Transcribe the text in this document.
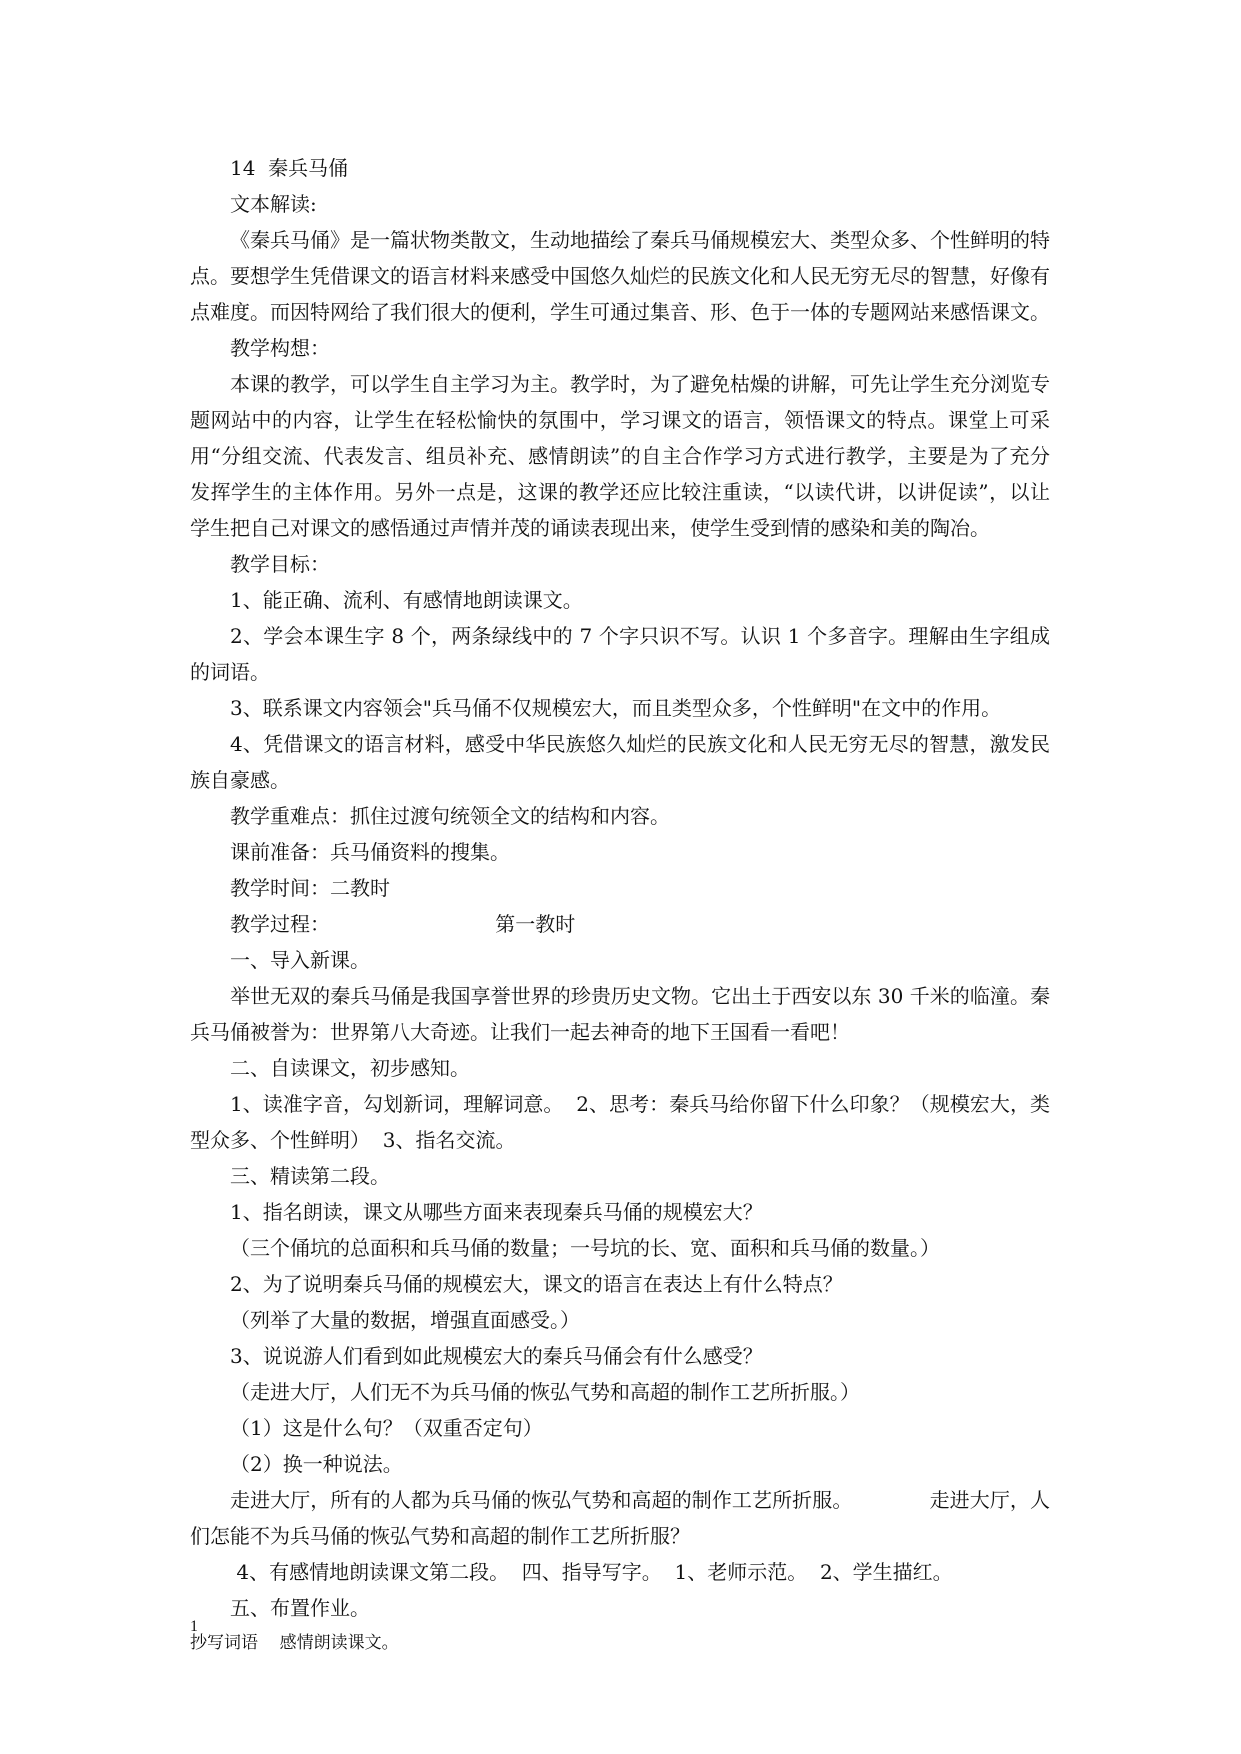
14  秦兵马俑

文本解读:

《秦兵马俑》是一篇状物类散文，生动地描绘了秦兵马俑规模宏大、类型众多、个性鲜明的特点。要想学生凭借课文的语言材料来感受中国悠久灿烂的民族文化和人民无穷无尽的智慧，好像有点难度。而因特网给了我们很大的便利，学生可通过集音、形、色于一体的专题网站来感悟课文。

教学构想：

本课的教学，可以学生自主学习为主。教学时，为了避免枯燥的讲解，可先让学生充分浏览专题网站中的内容，让学生在轻松愉快的氛围中，学习课文的语言，领悟课文的特点。课堂上可采用“分组交流、代表发言、组员补充、感情朗读”的自主合作学习方式进行教学，主要是为了充分发挥学生的主体作用。另外一点是，这课的教学还应比较注重读，“以读代讲，以讲促读”，以让学生把自己对课文的感悟通过声情并茂的诵读表现出来，使学生受到情的感染和美的陶冶。

教学目标：

1、能正确、流利、有感情地朗读课文。

2、学会本课生字 8 个，两条绿线中的 7 个字只识不写。认识 1 个多音字。理解由生字组成  的词语。

3、联系课文内容领会"兵马俑不仅规模宏大，而且类型众多，个性鲜明"在文中的作用。

4、凭借课文的语言材料，感受中华民族悠久灿烂的民族文化和人民无穷无尽的智慧，激发民族自豪感。

教学重难点：抓住过渡句统领全文的结构和内容。

课前准备：兵马俑资料的搜集。

教学时间：二教时

教学过程：                          第一教时

一、导入新课。

举世无双的秦兵马俑是我国享誉世界的珍贵历史文物。它出土于西安以东 30 千米的临潼。秦兵马俑被誉为：世界第八大奇迹。让我们一起去神奇的地下王国看一看吧！

二、自读课文，初步感知。

1、读准字音，勾划新词，理解词意。  2、思考：秦兵马给你留下什么印象？（规模宏大，类型众多、个性鲜明）  3、指名交流。

三、精读第二段。

1、指名朗读，课文从哪些方面来表现秦兵马俑的规模宏大？

（三个俑坑的总面积和兵马俑的数量；一号坑的长、宽、面积和兵马俑的数量。）

2、为了说明秦兵马俑的规模宏大，课文的语言在表达上有什么特点？

（列举了大量的数据，增强直面感受。）

3、说说游人们看到如此规模宏大的秦兵马俑会有什么感受？

（走进大厅，人们无不为兵马俑的恢弘气势和高超的制作工艺所折服。）

（1）这是什么句？（双重否定句）

（2）换一种说法。

走进大厅，所有的人都为兵马俑的恢弘气势和高超的制作工艺所折服。            走进大厅，人们怎能不为兵马俑的恢弘气势和高超的制作工艺所折服？

4、有感情地朗读课文第二段。  四、指导写字。  1、老师示范。  2、学生描红。

五、布置作业。

抄写词语    感情朗读课文。

1
